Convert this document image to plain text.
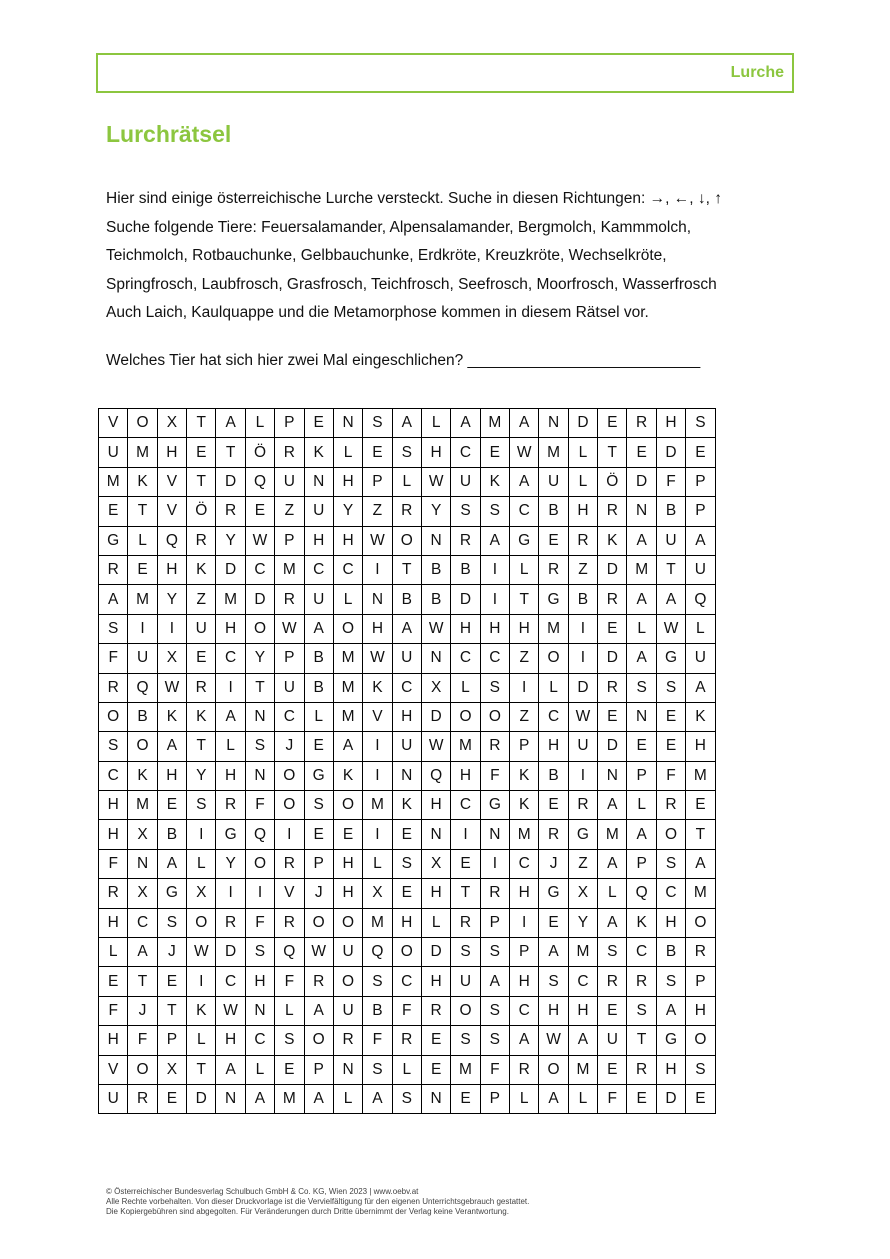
Lurche
Lurchrätsel
Hier sind einige österreichische Lurche versteckt. Suche in diesen Richtungen: →, ←, ↓, ↑
Suche folgende Tiere: Feuersalamander, Alpensalamander, Bergmolch, Kammmolch,
Teichmolch, Rotbauchunke, Gelbbauchunke, Erdkröte, Kreuzkröte, Wechselkröte,
Springfrosch, Laubfrosch, Grasfrosch, Teichfrosch, Seefrosch, Moorfrosch, Wasserfrosch
Auch Laich, Kaulquappe und die Metamorphose kommen in diesem Rätsel vor.
Welches Tier hat sich hier zwei Mal eingeschlichen? ___________________________
V	O	X	T	A	L	P	E	N	S	A	L	A	M	A	N	D	E	R	H	S
U	M	H	E	T	Ö	R	K	L	E	S	H	C	E	W	M	L	T	E	D	E
M	K	V	T	D	Q	U	N	H	P	L	W	U	K	A	U	L	Ö	D	F	P
E	T	V	Ö	R	E	Z	U	Y	Z	R	Y	S	S	C	B	H	R	N	B	P
G	L	Q	R	Y	W	P	H	H	W	O	N	R	A	G	E	R	K	A	U	A
R	E	H	K	D	C	M	C	C	I	T	B	B	I	L	R	Z	D	M	T	U
A	M	Y	Z	M	D	R	U	L	N	B	B	D	I	T	G	B	R	A	A	Q
S	I	I	U	H	O	W	A	O	H	A	W	H	H	H	M	I	E	L	W	L
F	U	X	E	C	Y	P	B	M	W	U	N	C	C	Z	O	I	D	A	G	U
R	Q	W	R	I	T	U	B	M	K	C	X	L	S	I	L	D	R	S	S	A
O	B	K	K	A	N	C	L	M	V	H	D	O	O	Z	C	W	E	N	E	K
S	O	A	T	L	S	J	E	A	I	U	W	M	R	P	H	U	D	E	E	H
C	K	H	Y	H	N	O	G	K	I	N	Q	H	F	K	B	I	N	P	F	M
H	M	E	S	R	F	O	S	O	M	K	H	C	G	K	E	R	A	L	R	E
H	X	B	I	G	Q	I	E	E	I	E	N	I	N	M	R	G	M	A	O	T
F	N	A	L	Y	O	R	P	H	L	S	X	E	I	C	J	Z	A	P	S	A
R	X	G	X	I	I	V	J	H	X	E	H	T	R	H	G	X	L	Q	C	M
H	C	S	O	R	F	R	O	O	M	H	L	R	P	I	E	Y	A	K	H	O
L	A	J	W	D	S	Q	W	U	Q	O	D	S	S	P	A	M	S	C	B	R
E	T	E	I	C	H	F	R	O	S	C	H	U	A	H	S	C	R	R	S	P
F	J	T	K	W	N	L	A	U	B	F	R	O	S	C	H	H	E	S	A	H
H	F	P	L	H	C	S	O	R	F	R	E	S	S	A	W	A	U	T	G	O
V	O	X	T	A	L	E	P	N	S	L	E	M	F	R	O	M	E	R	H	S
U	R	E	D	N	A	M	A	L	A	S	N	E	P	L	A	L	F	E	D	E
© Österreichischer Bundesverlag Schulbuch GmbH & Co. KG, Wien 2023 | www.oebv.at
Alle Rechte vorbehalten. Von dieser Druckvorlage ist die Vervielfältigung für den eigenen Unterrichtsgebrauch gestattet.
Die Kopiergebühren sind abgegolten. Für Veränderungen durch Dritte übernimmt der Verlag keine Verantwortung.
